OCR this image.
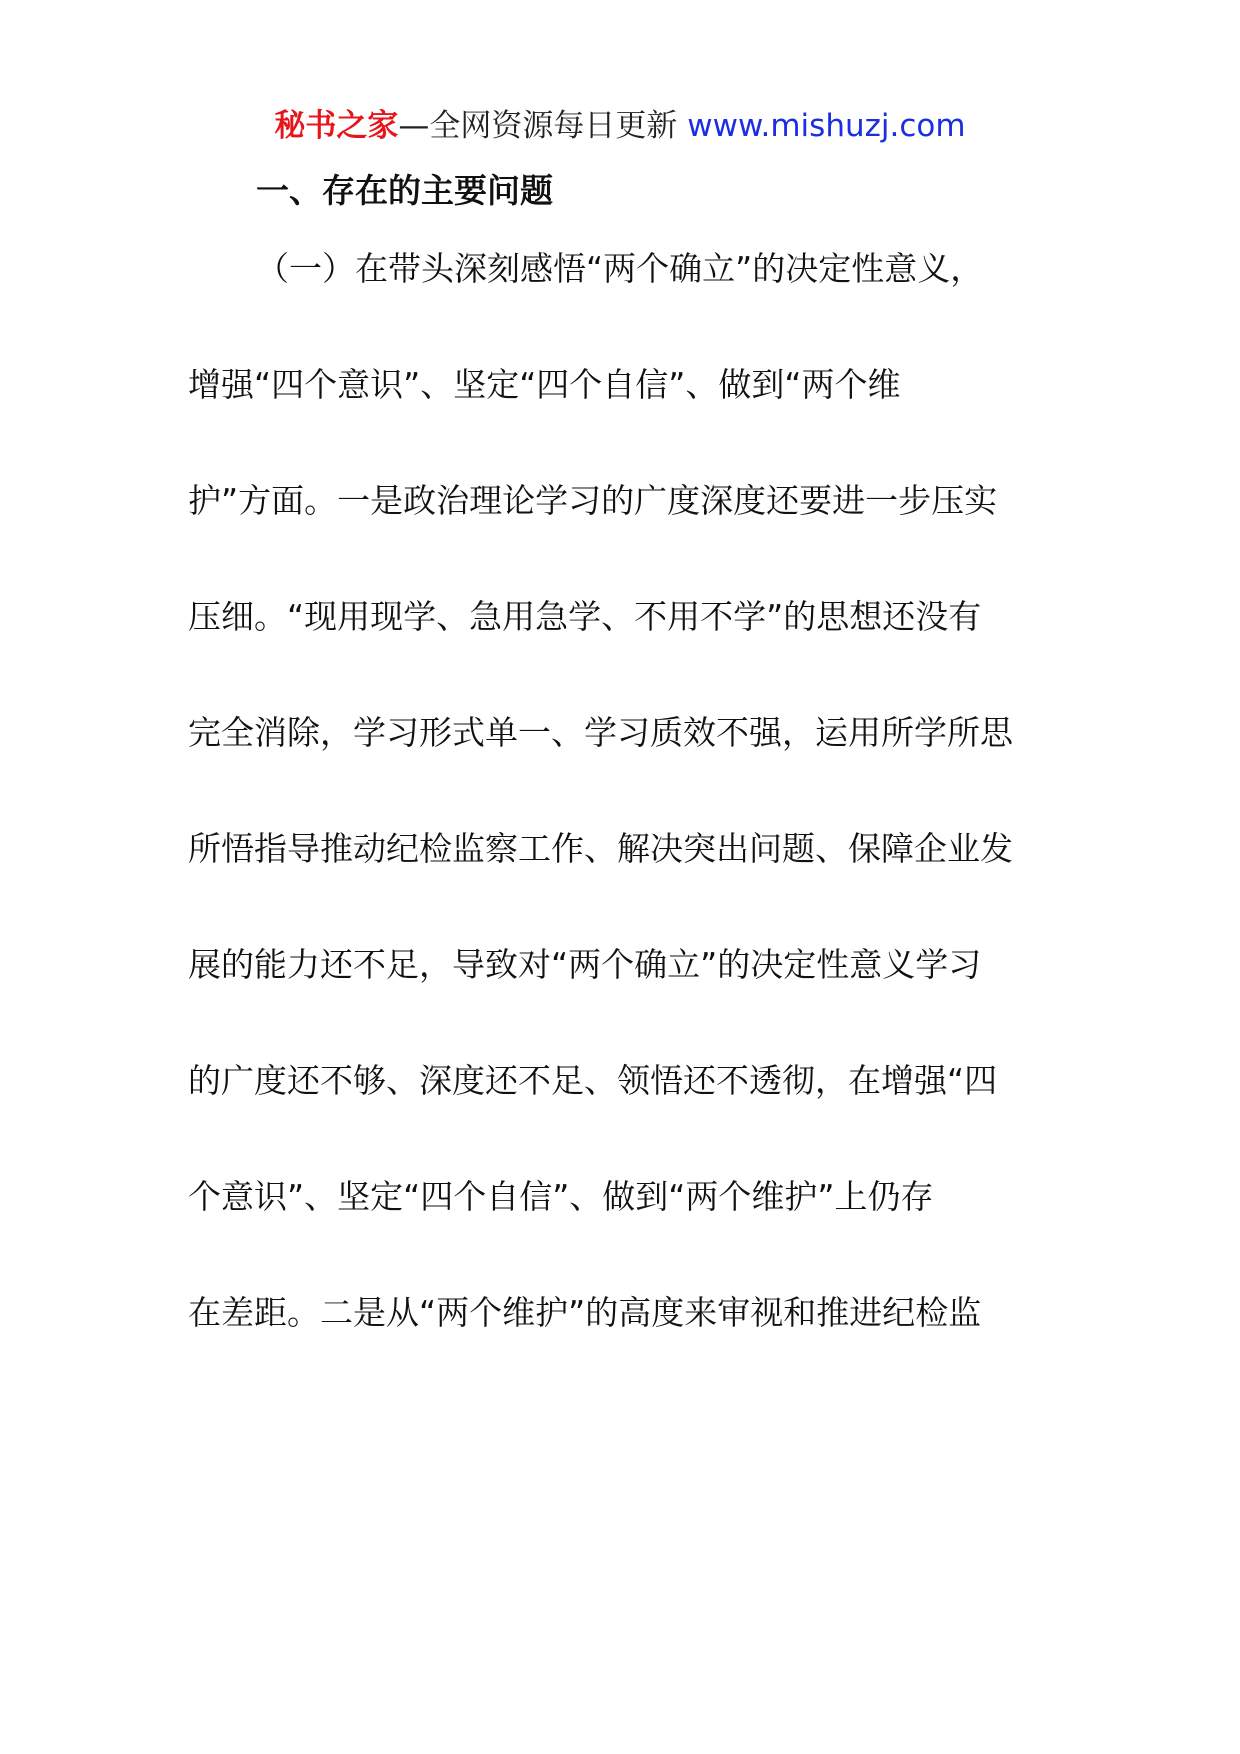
秘书之家—全网资源每日更新 www.mishuzj.com
一、存在的主要问题
（一）在带头深刻感悟“两个确立”的决定性意义，
增强“四个意识”、坚定“四个自信”、做到“两个维
护”方面。一是政治理论学习的广度深度还要进一步压实
压细。“现用现学、急用急学、不用不学”的思想还没有
完全消除，学习形式单一、学习质效不强，运用所学所思
所悟指导推动纪检监察工作、解决突出问题、保障企业发
展的能力还不足，导致对“两个确立”的决定性意义学习
的广度还不够、深度还不足、领悟还不透彻，在增强“四
个意识”、坚定“四个自信”、做到“两个维护”上仍存
在差距。二是从“两个维护”的高度来审视和推进纪检监
